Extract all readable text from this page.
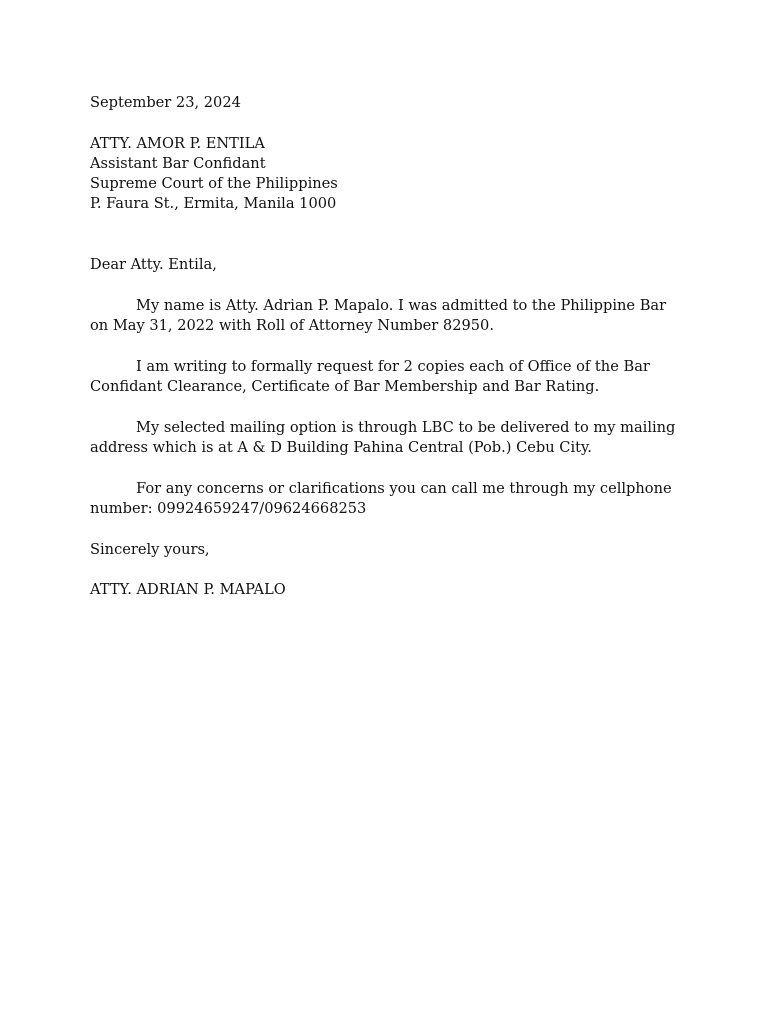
September 23, 2024
ATTY. AMOR P. ENTILA
Assistant Bar Confidant
Supreme Court of the Philippines
P. Faura St., Ermita, Manila 1000
Dear Atty. Entila,
My name is Atty. Adrian P. Mapalo. I was admitted to the Philippine Bar
on May 31, 2022 with Roll of Attorney Number 82950.
I am writing to formally request for 2 copies each of Office of the Bar
Confidant Clearance, Certificate of Bar Membership and Bar Rating.
My selected mailing option is through LBC to be delivered to my mailing
address which is at A & D Building Pahina Central (Pob.) Cebu City.
For any concerns or clarifications you can call me through my cellphone
number: 09924659247/09624668253
Sincerely yours,
ATTY. ADRIAN P. MAPALO
